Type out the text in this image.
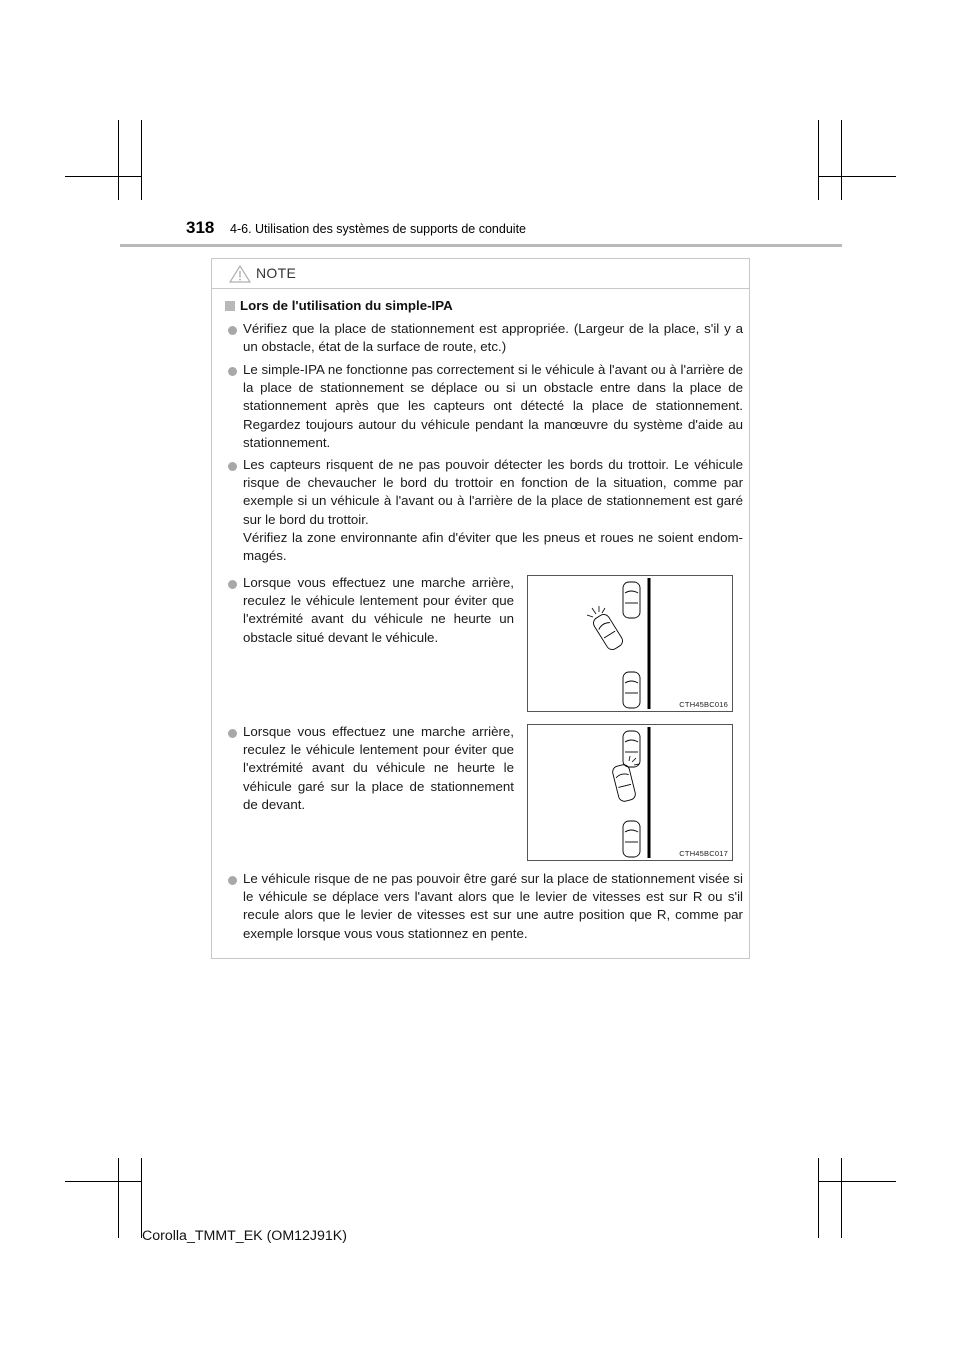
318 4-6. Utilisation des systèmes de supports de conduite
NOTE
Lors de l'utilisation du simple-IPA

Vérifiez que la place de stationnement est appropriée. (Largeur de la place, s'il y a un obstacle, état de la surface de route, etc.)

Le simple-IPA ne fonctionne pas correctement si le véhicule à l'avant ou à l'arrière de la place de stationnement se déplace ou si un obstacle entre dans la place de stationnement après que les capteurs ont détecté la place de stationnement. Regardez toujours autour du véhicule pendant la manœuvre du système d'aide au stationnement.

Les capteurs risquent de ne pas pouvoir détecter les bords du trottoir. Le véhicule risque de chevaucher le bord du trottoir en fonction de la situation, comme par exemple si un véhicule à l'avant ou à l'arrière de la place de stationnement est garé sur le bord du trottoir.

Vérifiez la zone environnante afin d'éviter que les pneus et roues ne soient endom-magés.

Lorsque vous effectuez une marche arrière, reculez le véhicule lentement pour éviter que l'extrémité avant du véhicule ne heurte un obstacle situé devant le véhicule.

Lorsque vous effectuez une marche arrière, reculez le véhicule lentement pour éviter que l'extrémité avant du véhicule ne heurte le véhicule garé sur la place de stationnement de devant.

Le véhicule risque de ne pas pouvoir être garé sur la place de stationnement visée si le véhicule se déplace vers l'avant alors que le levier de vitesses est sur R ou s'il recule alors que le levier de vitesses est sur une autre position que R, comme par exemple lorsque vous vous stationnez en pente.

CTH45BC016
CTH45BC017
Corolla_TMMT_EK (OM12J91K)
